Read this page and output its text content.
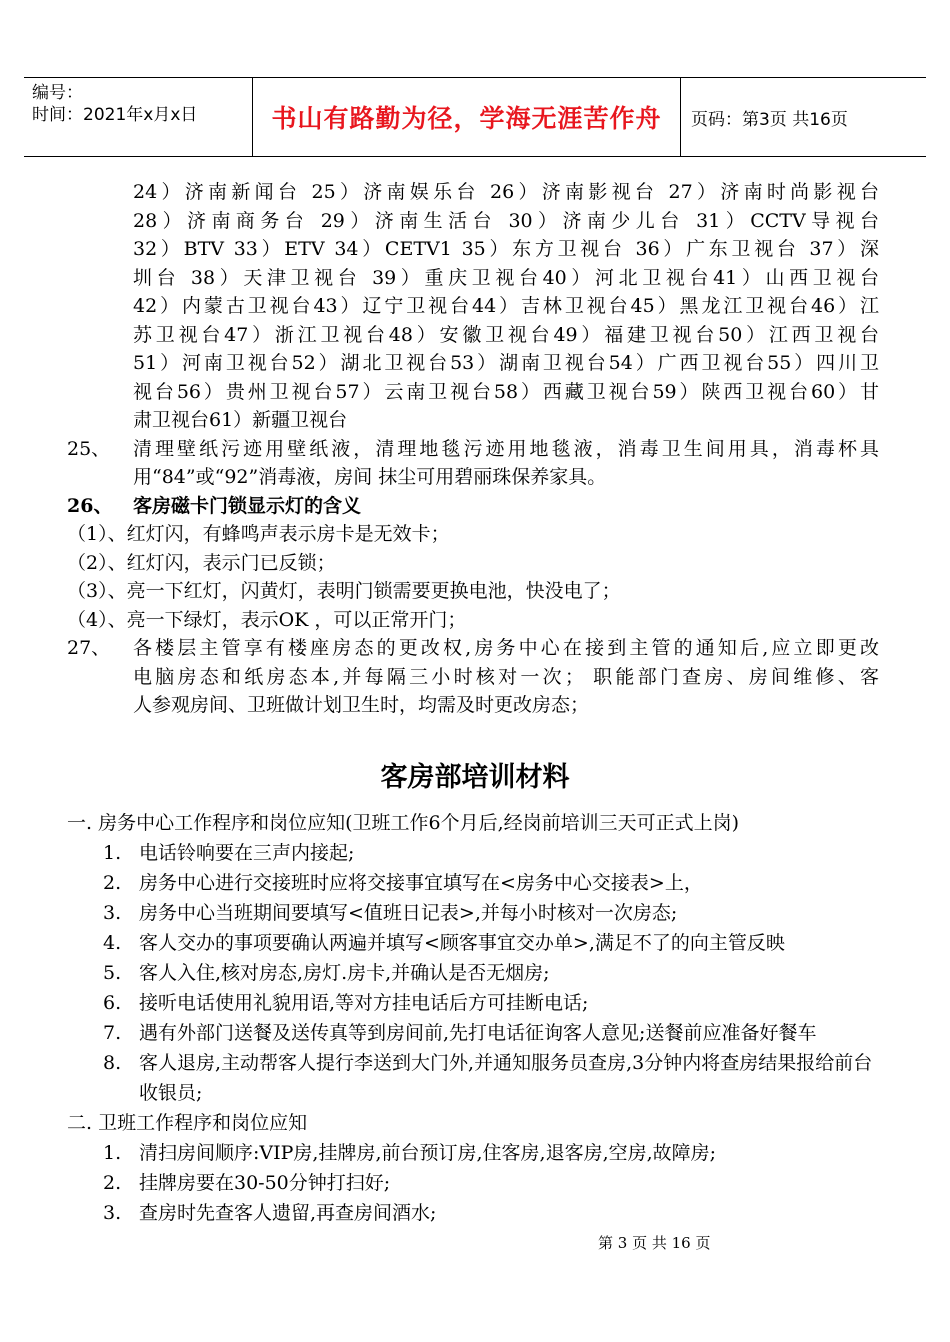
编号：
时间：2021年x月x日	书山有路勤为径，学海无涯苦作舟	页码：第3页 共16页
24）济南新闻台 25）济南娱乐台 26）济南影视台 27）济南时尚影视台
28）济南商务台 29）济南生活台 30）济南少儿台 31）CCTV导视台
32）BTV 33）ETV 34）CETV1 35）东方卫视台 36）广东卫视台 37）深
圳台 38）天津卫视台 39）重庆卫视台40）河北卫视台41）山西卫视台
42）内蒙古卫视台43）辽宁卫视台44）吉林卫视台45）黑龙江卫视台46）江
苏卫视台47）浙江卫视台48）安徽卫视台49）福建卫视台50）江西卫视台
51）河南卫视台52）湖北卫视台53）湖南卫视台54）广西卫视台55）四川卫
视台56）贵州卫视台57）云南卫视台58）西藏卫视台59）陕西卫视台60）甘
肃卫视台61）新疆卫视台
25、 清理壁纸污迹用壁纸液，清理地毯污迹用地毯液，消毒卫生间用具，消毒杯具
用“84”或“92”消毒液，房间 抹尘可用碧丽珠保养家具。
26、 客房磁卡门锁显示灯的含义
（1）、红灯闪，有蜂鸣声表示房卡是无效卡；
（2）、红灯闪，表示门已反锁；
（3）、亮一下红灯，闪黄灯，表明门锁需要更换电池，快没电了；
（4）、亮一下绿灯，表示OK ，可以正常开门；
27、 各楼层主管享有楼座房态的更改权,房务中心在接到主管的通知后,应立即更改
电脑房态和纸房态本,并每隔三小时核对一次； 职能部门查房、房间维修、客
人参观房间、卫班做计划卫生时，均需及时更改房态；
客房部培训材料
一. 房务中心工作程序和岗位应知(卫班工作6个月后,经岗前培训三天可正式上岗)
1. 电话铃响要在三声内接起;
2. 房务中心进行交接班时应将交接事宜填写在<房务中心交接表>上，
3. 房务中心当班期间要填写<值班日记表>,并每小时核对一次房态;
4. 客人交办的事项要确认两遍并填写<顾客事宜交办单>,满足不了的向主管反映
5. 客人入住,核对房态,房灯.房卡,并确认是否无烟房;
6. 接听电话使用礼貌用语,等对方挂电话后方可挂断电话;
7. 遇有外部门送餐及送传真等到房间前,先打电话征询客人意见;送餐前应准备好餐车
8. 客人退房,主动帮客人提行李送到大门外,并通知服务员查房,3分钟内将查房结果报给前台收银员;
二. 卫班工作程序和岗位应知
1. 清扫房间顺序:VIP房,挂牌房,前台预订房,住客房,退客房,空房,故障房;
2. 挂牌房要在30-50分钟打扫好;
3. 查房时先查客人遗留,再查房间酒水;
第 3 页 共 16 页
